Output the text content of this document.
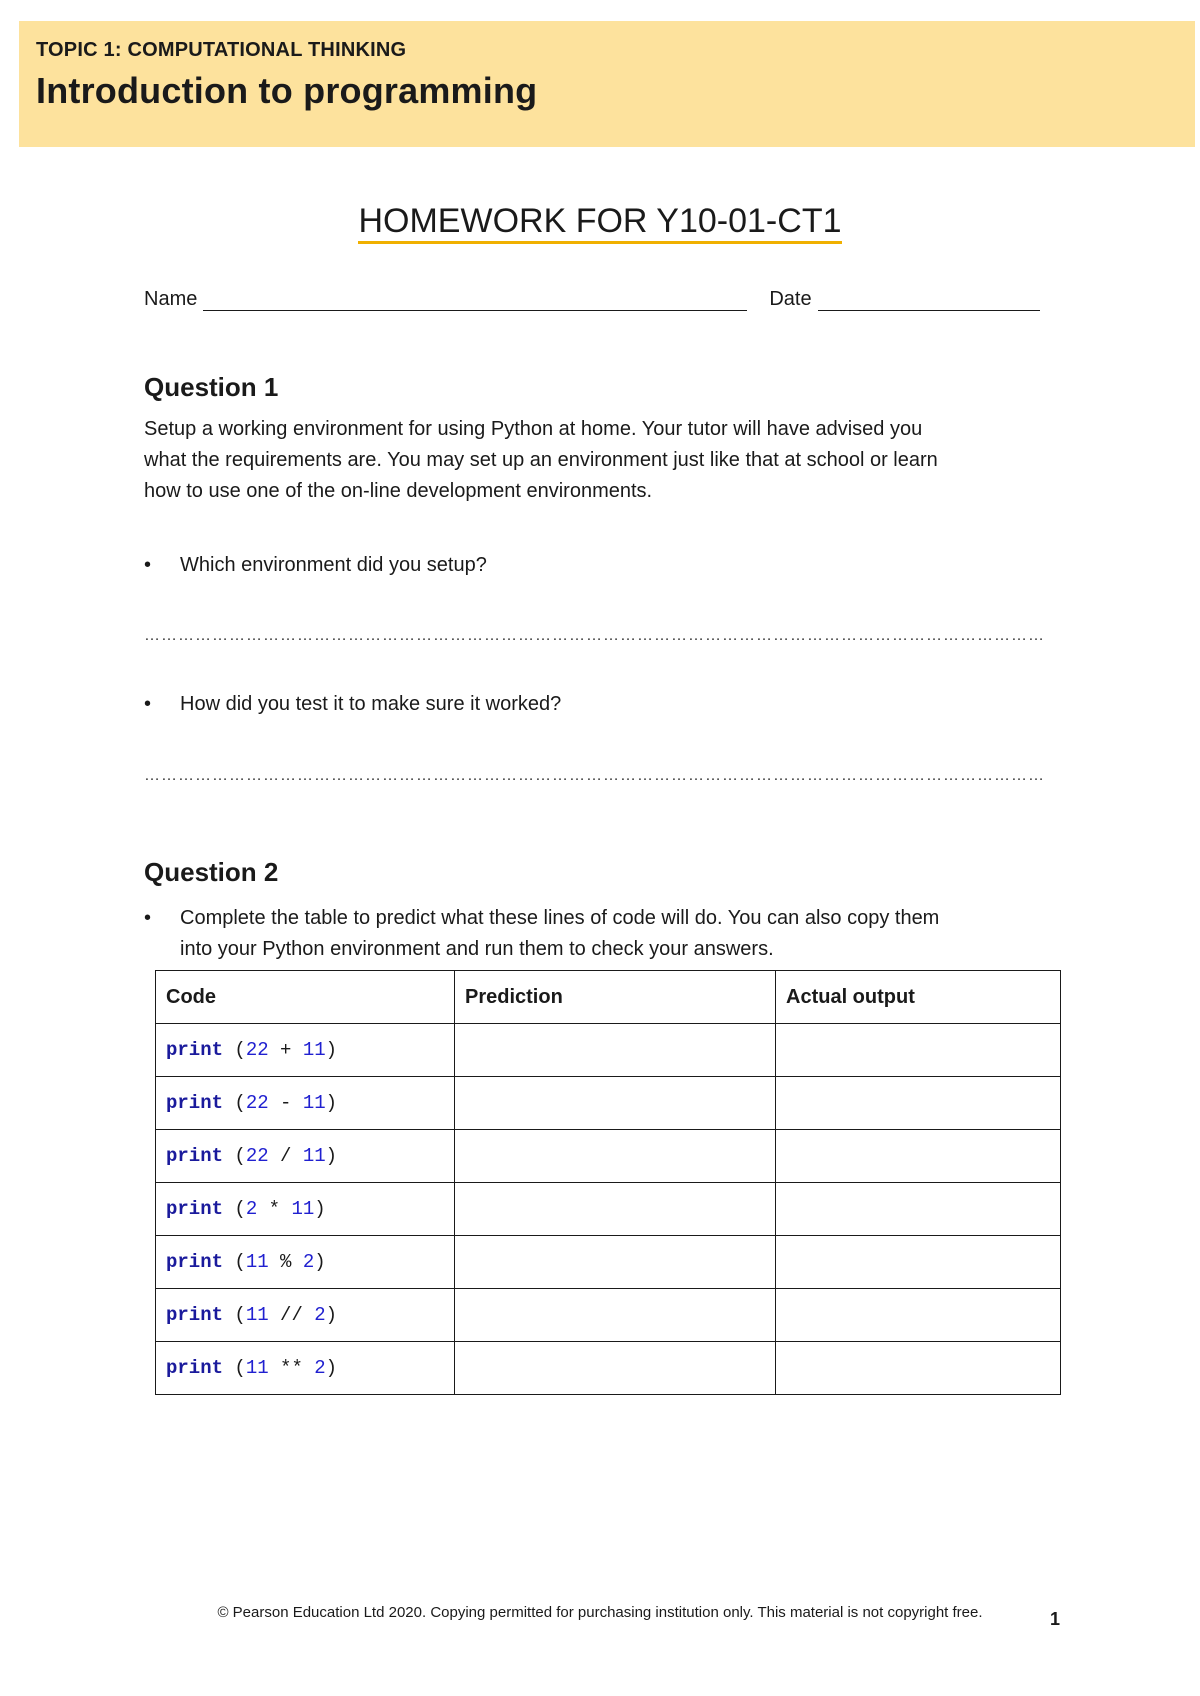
TOPIC 1: COMPUTATIONAL THINKING
Introduction to programming
HOMEWORK FOR Y10-01-CT1
Name	Date
Question 1
Setup a working environment for using Python at home. Your tutor will have advised you
what the requirements are. You may set up an environment just like that at school or learn
how to use one of the on-line development environments.
• Which environment did you setup?
……………………………………………………………………………………………………………………………………………
• How did you test it to make sure it worked?
……………………………………………………………………………………………………………………………………………
Question 2
• Complete the table to predict what these lines of code will do. You can also copy them
into your Python environment and run them to check your answers.
Code	Prediction	Actual output
print (22 + 11)		
print (22 - 11)		
print (22 / 11)		
print (2 * 11)		
print (11 % 2)		
print (11 // 2)		
print (11 ** 2)		
© Pearson Education Ltd 2020. Copying permitted for purchasing institution only. This material is not copyright free.	1
